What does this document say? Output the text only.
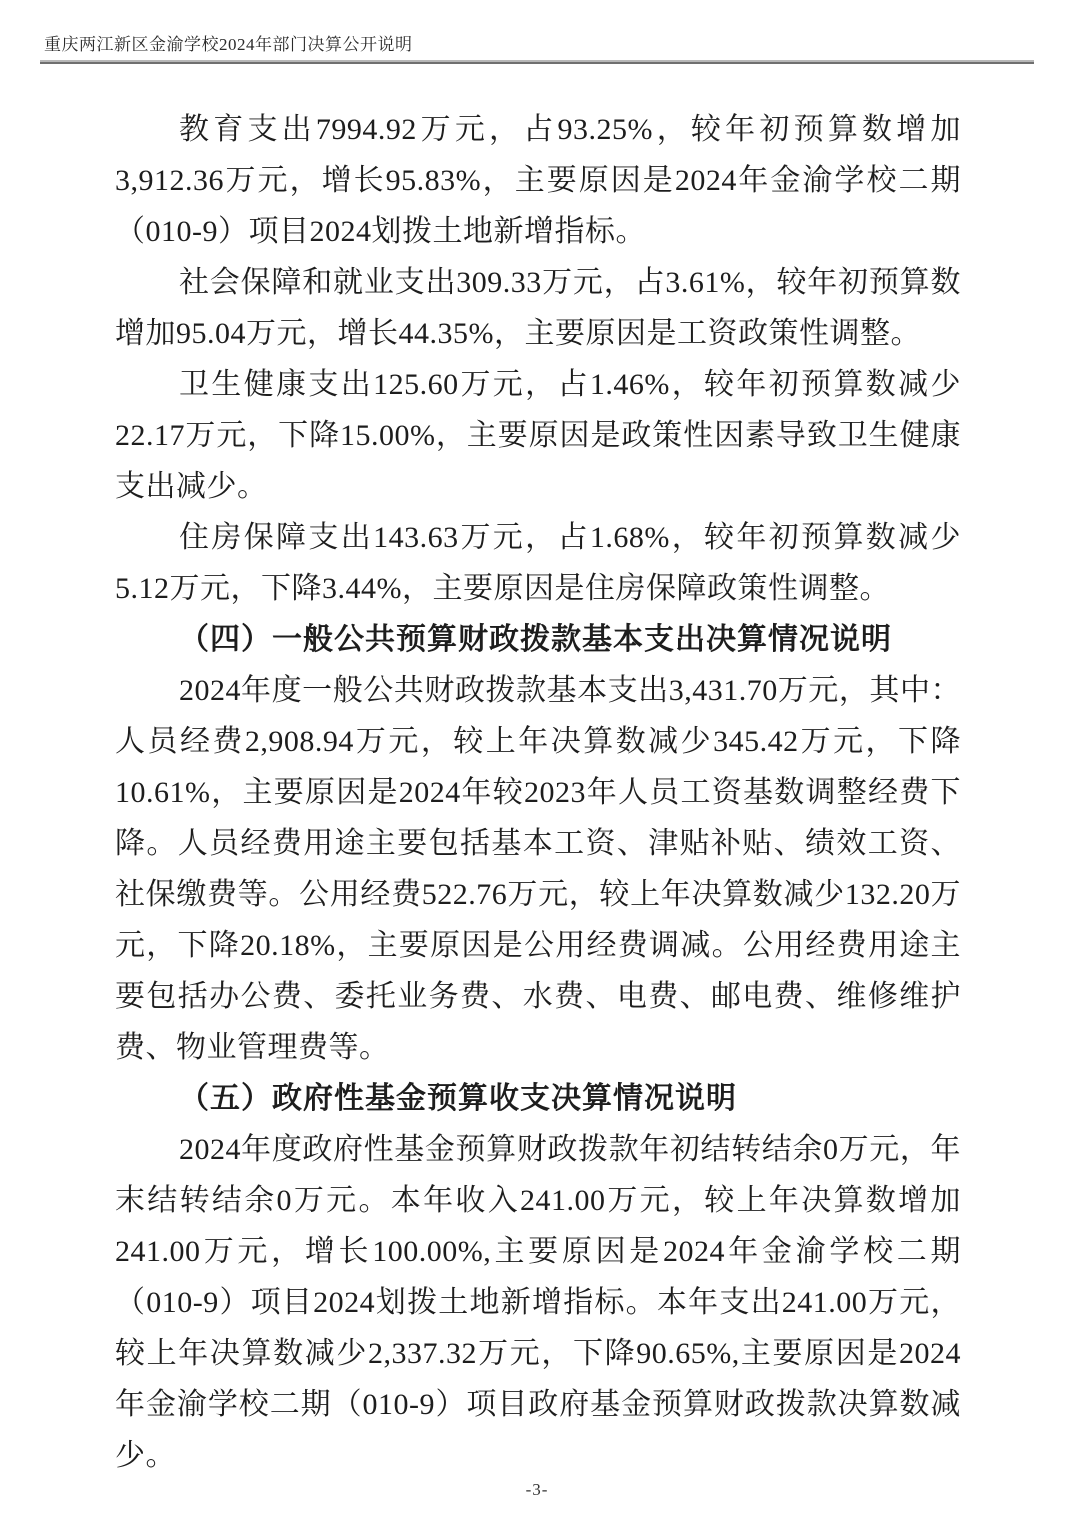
重庆两江新区金渝学校2024年部门决算公开说明

教育支出7994.92万元，占93.25%，较年初预算数增加3,912.36万元，增长95.83%，主要原因是2024年金渝学校二期（010-9）项目2024划拨土地新增指标。

社会保障和就业支出309.33万元，占3.61%，较年初预算数增加95.04万元，增长44.35%，主要原因是工资政策性调整。

卫生健康支出125.60万元，占1.46%，较年初预算数减少22.17万元，下降15.00%，主要原因是政策性因素导致卫生健康支出减少。

住房保障支出143.63万元，占1.68%，较年初预算数减少5.12万元，下降3.44%，主要原因是住房保障政策性调整。

（四）一般公共预算财政拨款基本支出决算情况说明

2024年度一般公共财政拨款基本支出3,431.70万元，其中：人员经费2,908.94万元，较上年决算数减少345.42万元，下降10.61%，主要原因是2024年较2023年人员工资基数调整经费下降。人员经费用途主要包括基本工资、津贴补贴、绩效工资、社保缴费等。公用经费522.76万元，较上年决算数减少132.20万元，下降20.18%，主要原因是公用经费调减。公用经费用途主要包括办公费、委托业务费、水费、电费、邮电费、维修维护费、物业管理费等。

（五）政府性基金预算收支决算情况说明

2024年度政府性基金预算财政拨款年初结转结余0万元，年末结转结余0万元。本年收入241.00万元，较上年决算数增加241.00万元，增长100.00%,主要原因是2024年金渝学校二期（010-9）项目2024划拨土地新增指标。本年支出241.00万元，较上年决算数减少2,337.32万元，下降90.65%,主要原因是2024年金渝学校二期（010-9）项目政府基金预算财政拨款决算数减少。

-3-
